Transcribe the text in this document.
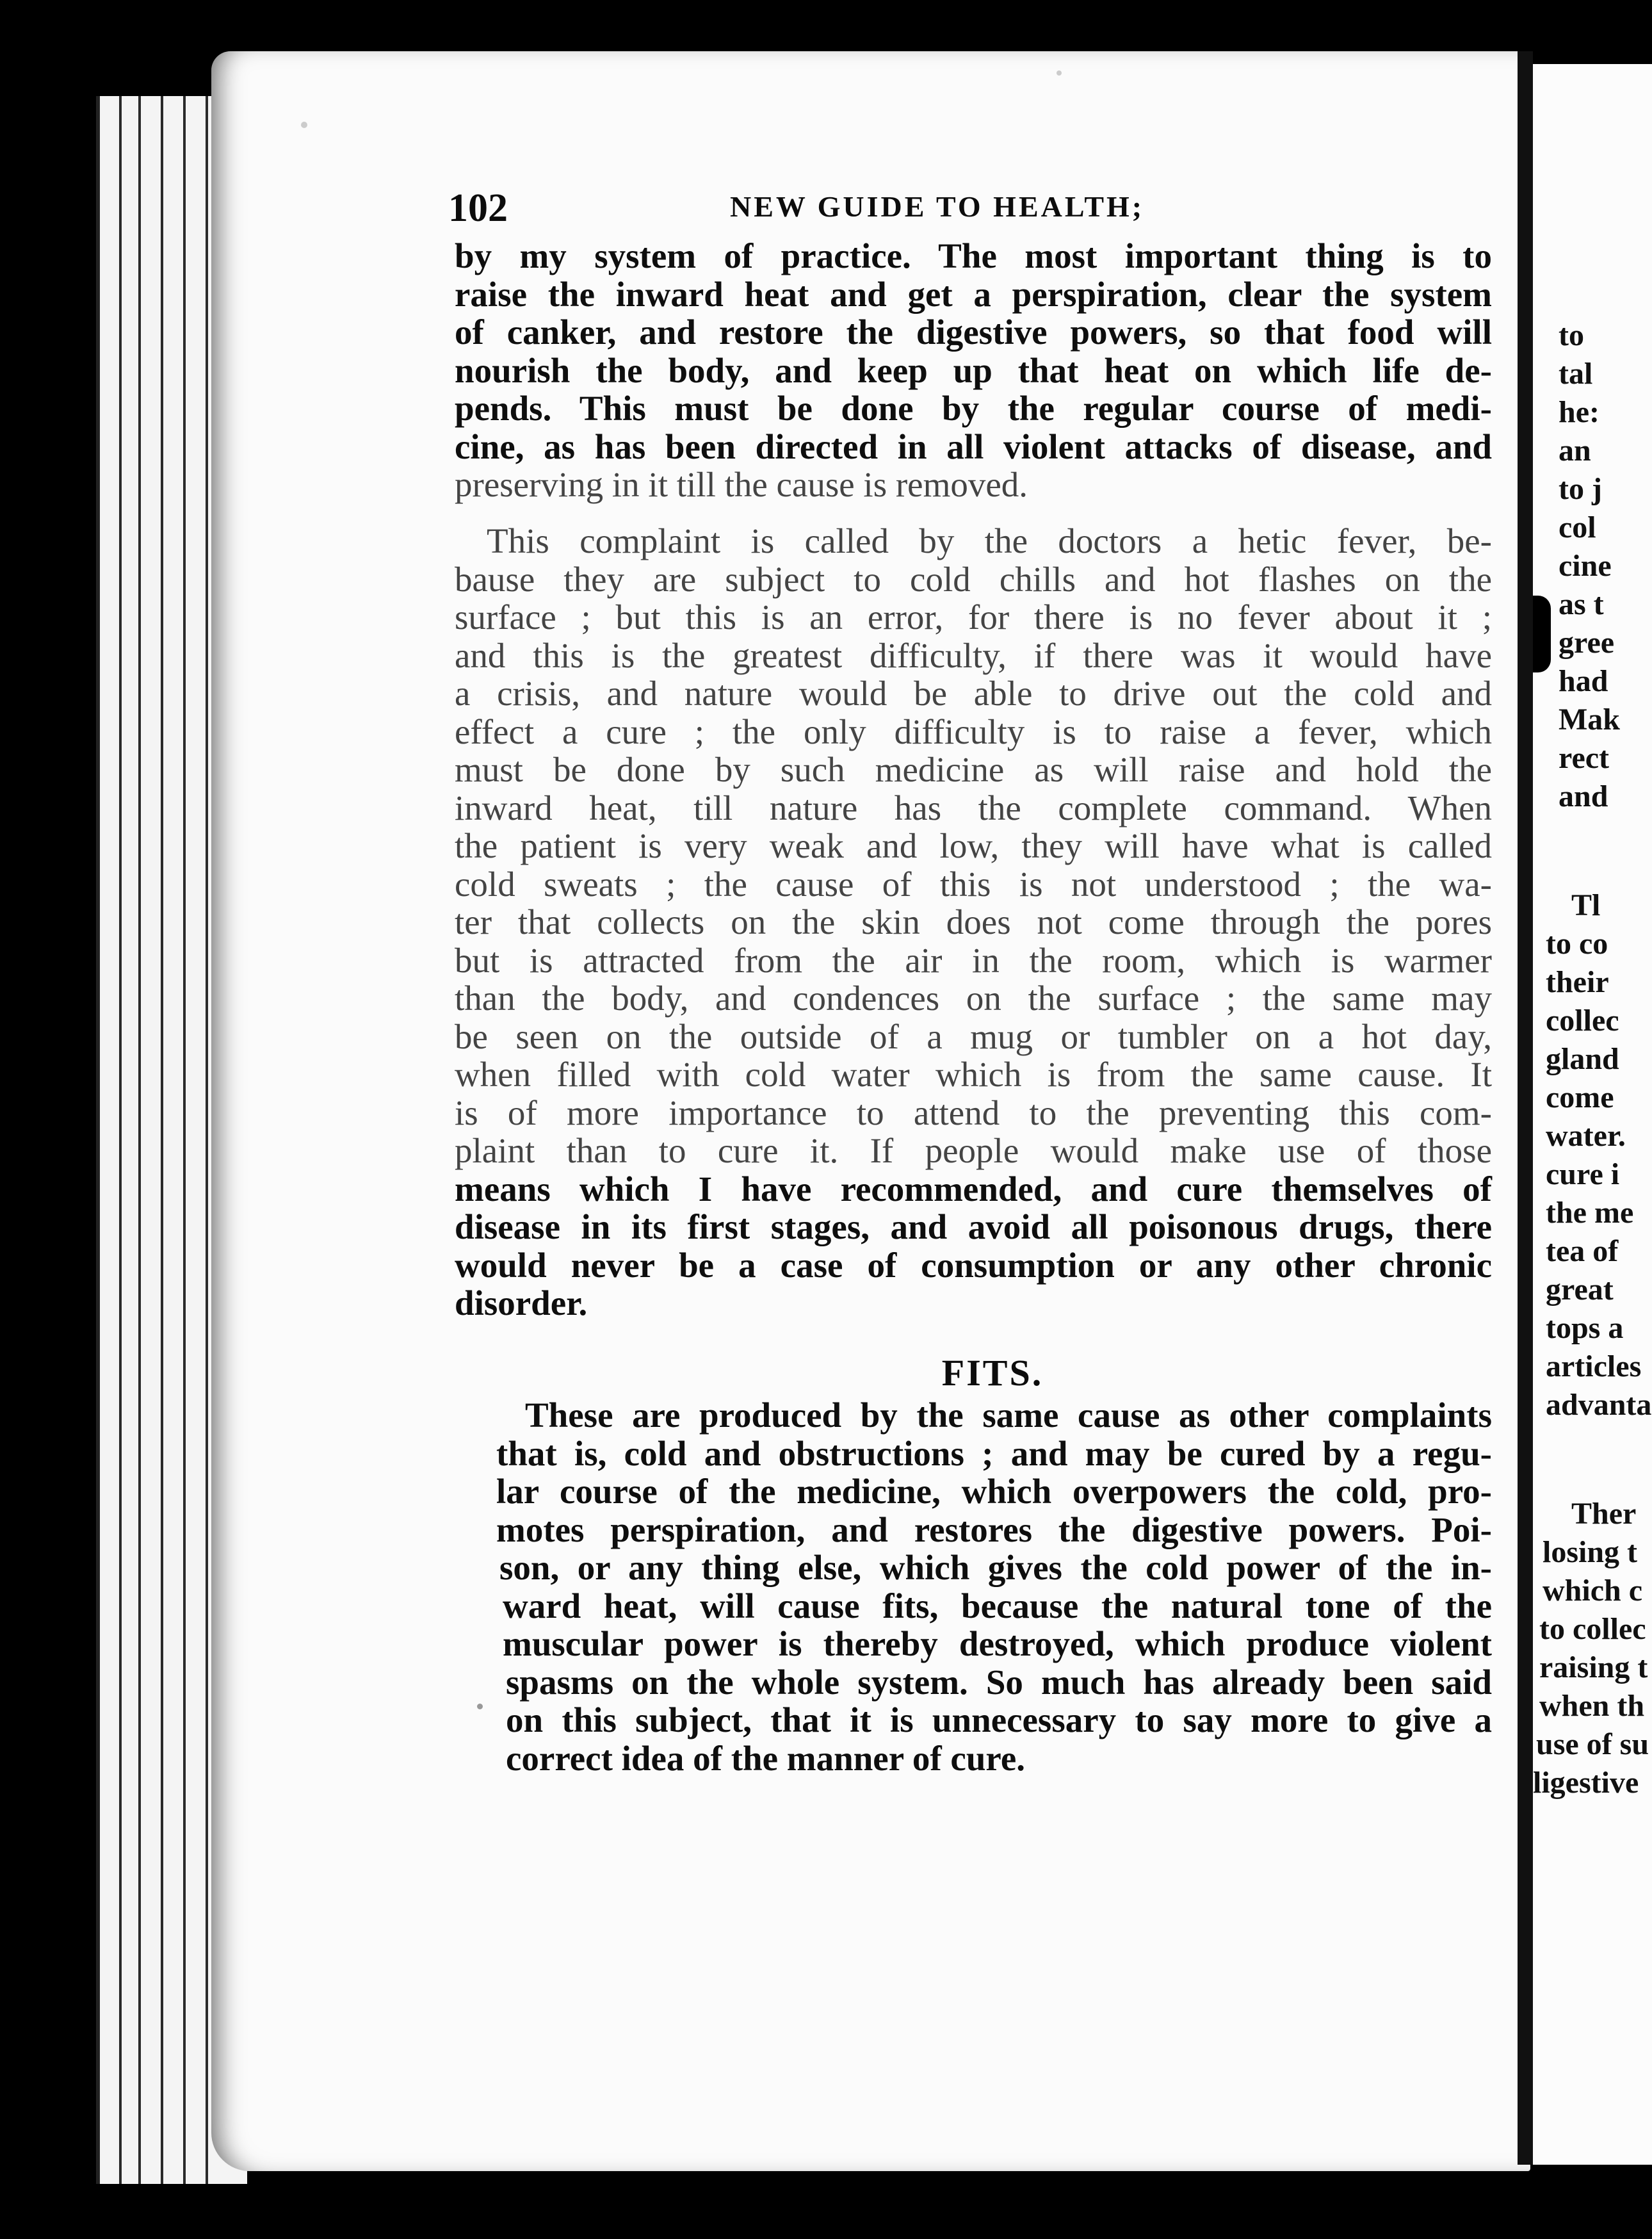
102	NEW GUIDE TO HEALTH;
by my system of practice. The most important thing is to
raise the inward heat and get a perspiration, clear the system
of canker, and restore the digestive powers, so that food will
nourish the body, and keep up that heat on which life de-
pends. This must be done by the regular course of medi-
cine, as has been directed in all violent attacks of disease, and
preserving in it till the cause is removed.
This complaint is called by the doctors a hetic fever, be-
bause they are subject to cold chills and hot flashes on the
surface ; but this is an error, for there is no fever about it ;
and this is the greatest difficulty, if there was it would have
a crisis, and nature would be able to drive out the cold and
effect a cure ; the only difficulty is to raise a fever, which
must be done by such medicine as will raise and hold the
inward heat, till nature has the complete command. When
the patient is very weak and low, they will have what is called
cold sweats ; the cause of this is not understood ; the wa-
ter that collects on the skin does not come through the pores
but is attracted from the air in the room, which is warmer
than the body, and condences on the surface ; the same may
be seen on the outside of a mug or tumbler on a hot day,
when filled with cold water which is from the same cause. It
is of more importance to attend to the preventing this com-
plaint than to cure it. If people would make use of those
means which I have recommended, and cure themselves of
disease in its first stages, and avoid all poisonous drugs, there
would never be a case of consumption or any other chronic
disorder.
FITS.
These are produced by the same cause as other complaints
that is, cold and obstructions ; and may be cured by a regu-
lar course of the medicine, which overpowers the cold, pro-
motes perspiration, and restores the digestive powers. Poi-
son, or any thing else, which gives the cold power of the in-
ward heat, will cause fits, because the natural tone of the
muscular power is thereby destroyed, which produce violent
spasms on the whole system. So much has already been said
on this subject, that it is unnecessary to say more to give a
correct idea of the manner of cure.
to
tal
he:
an
to j
col
cine
as t
gree
had
Mak
rect
and
Tl
to co
their
collec
gland
come
water.
cure i
the me
tea of
great
tops a
articles
advanta
Ther
losing t
which c
to collec
raising t
when th
use of su
ligestive
